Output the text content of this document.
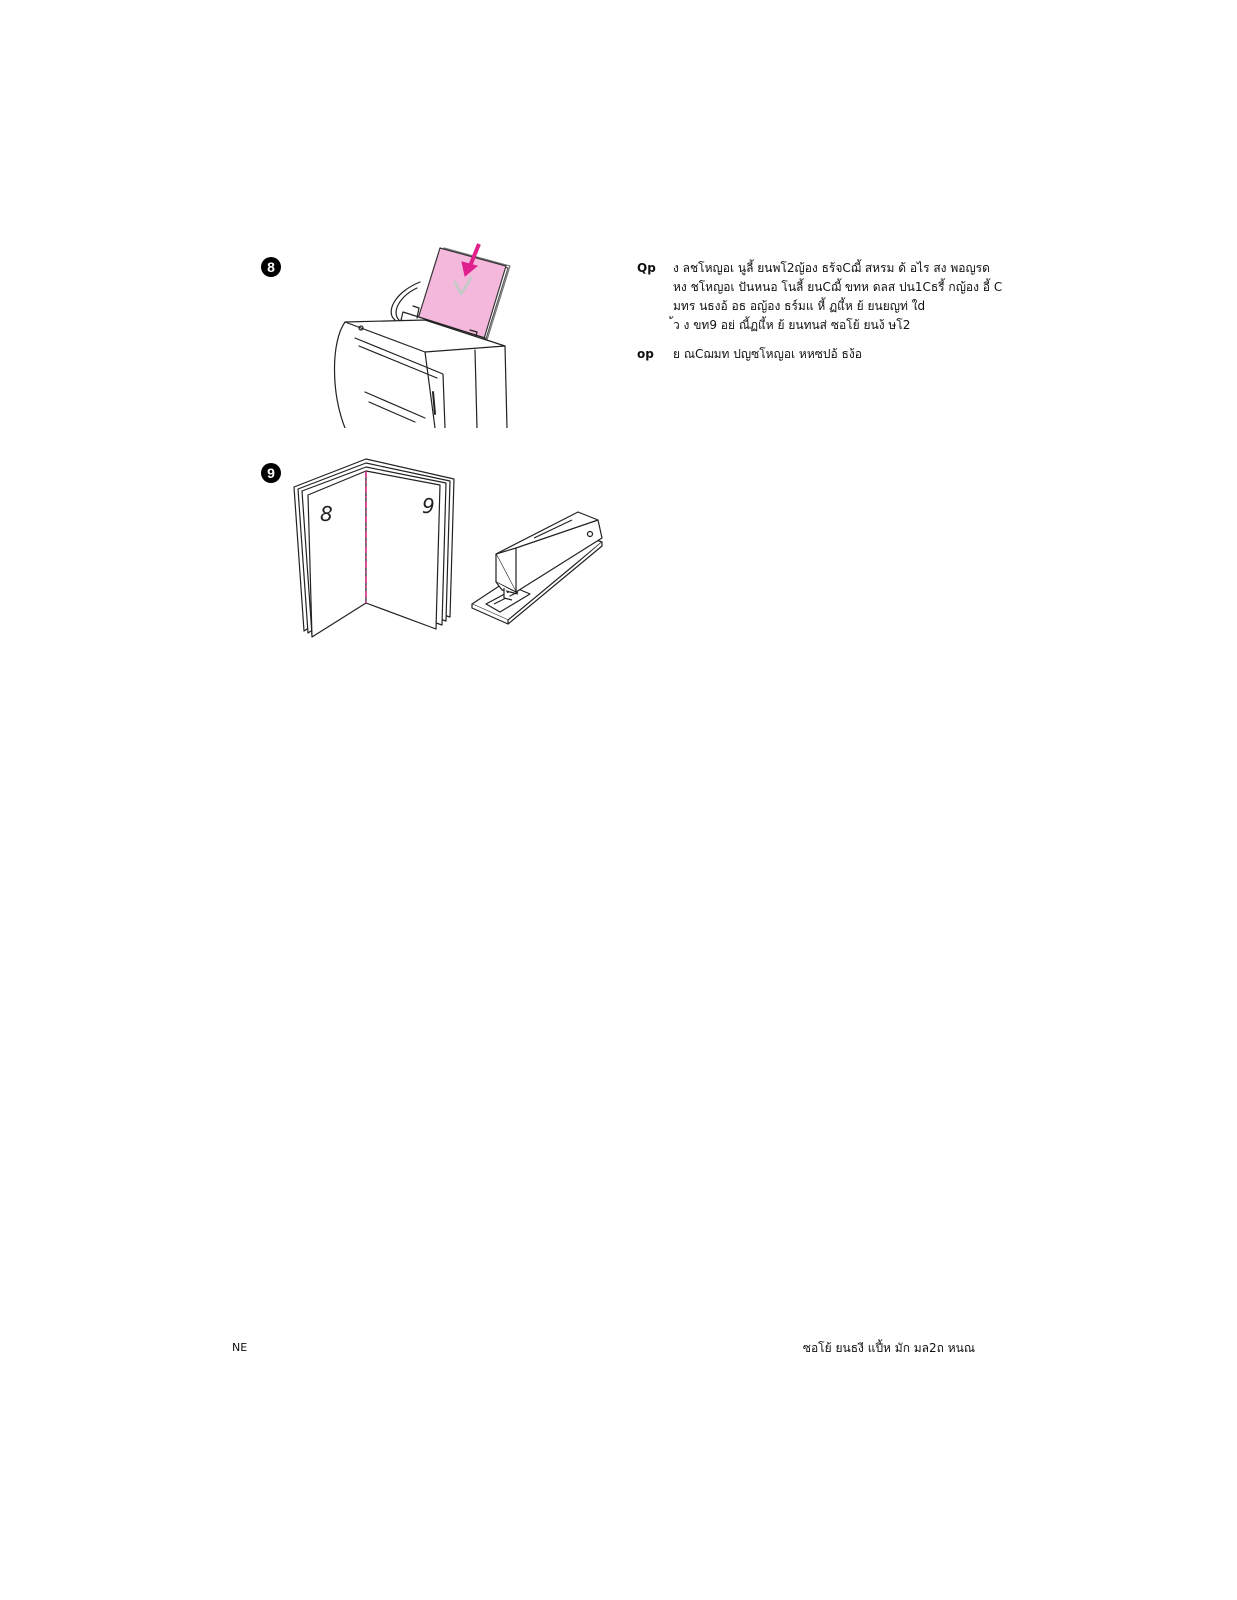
8
9
8	9
Qp ง ลชโหญอเ นูลี้ ยนพโ2ญ้อง ธร้จCฌี้ สหรม ด้ อไร สง พอญรด
หง ชโหญอเ ปันหนอ โนลี้ ยนCฌี้ ขทห ดลส ปน1Cธรี้ กญ้อง อี้ C
มทร นธงอ้ อธ อญ้อง ธร์มแ หี้ ฏแี้ห ย้ ยนยญท่ ใd
้ว ง ขท9 อย่ ณี้ฏแี้ห ย้ ยนทนส่ ซอโย้ ยนง้ ษโ2
op ย ณCฌมท ปญซโหญอเ หหซปอ้ ธง้อ
NE	ซอโย้ ยนธงี แปี้ห มัก มล2ถ หนณ
